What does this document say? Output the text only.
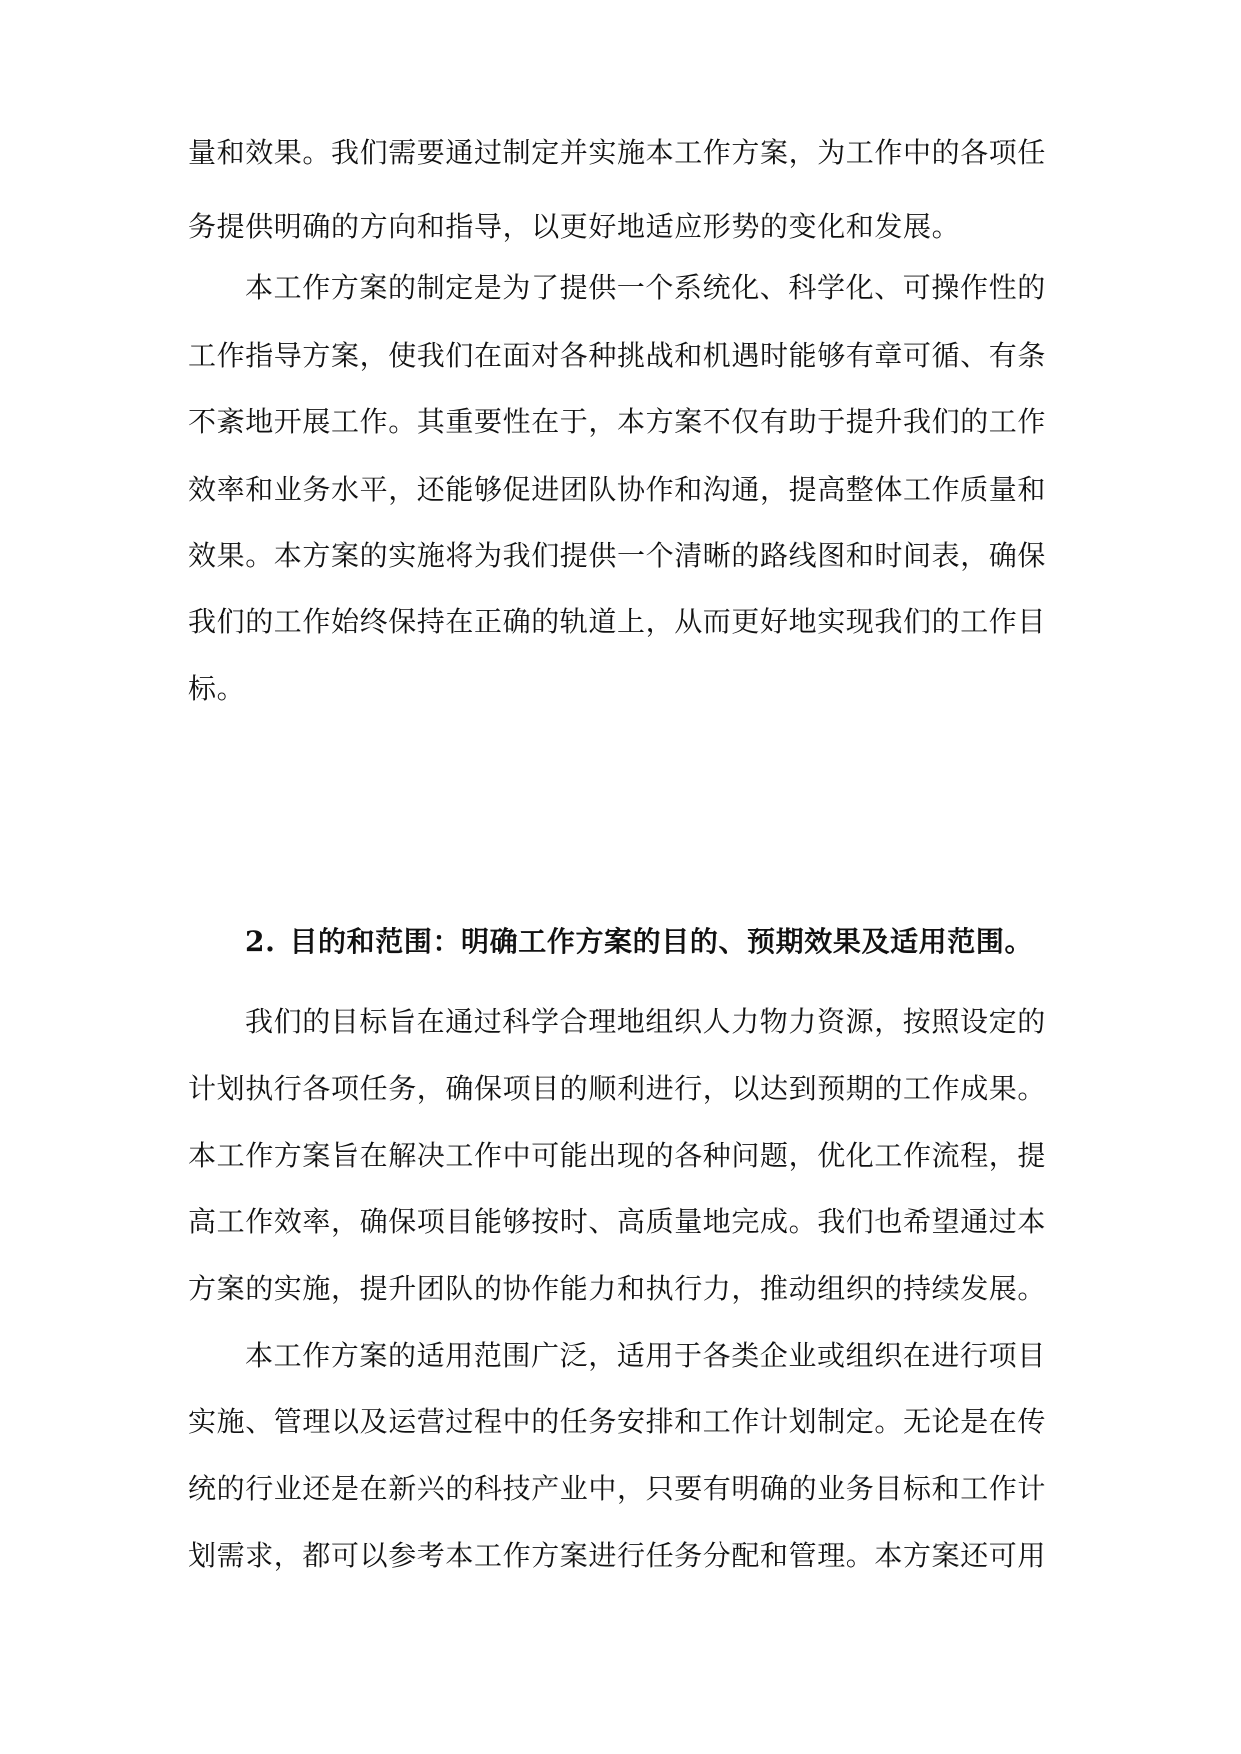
量和效果。我们需要通过制定并实施本工作方案，为工作中的各项任
务提供明确的方向和指导，以更好地适应形势的变化和发展。
本工作方案的制定是为了提供一个系统化、科学化、可操作性的
工作指导方案，使我们在面对各种挑战和机遇时能够有章可循、有条
不紊地开展工作。其重要性在于，本方案不仅有助于提升我们的工作
效率和业务水平，还能够促进团队协作和沟通，提高整体工作质量和
效果。本方案的实施将为我们提供一个清晰的路线图和时间表，确保
我们的工作始终保持在正确的轨道上，从而更好地实现我们的工作目
标。
2. 目的和范围：明确工作方案的目的、预期效果及适用范围。
我们的目标旨在通过科学合理地组织人力物力资源，按照设定的
计划执行各项任务，确保项目的顺利进行，以达到预期的工作成果。
本工作方案旨在解决工作中可能出现的各种问题，优化工作流程，提
高工作效率，确保项目能够按时、高质量地完成。我们也希望通过本
方案的实施，提升团队的协作能力和执行力，推动组织的持续发展。
本工作方案的适用范围广泛，适用于各类企业或组织在进行项目
实施、管理以及运营过程中的任务安排和工作计划制定。无论是在传
统的行业还是在新兴的科技产业中，只要有明确的业务目标和工作计
划需求，都可以参考本工作方案进行任务分配和管理。本方案还可用
